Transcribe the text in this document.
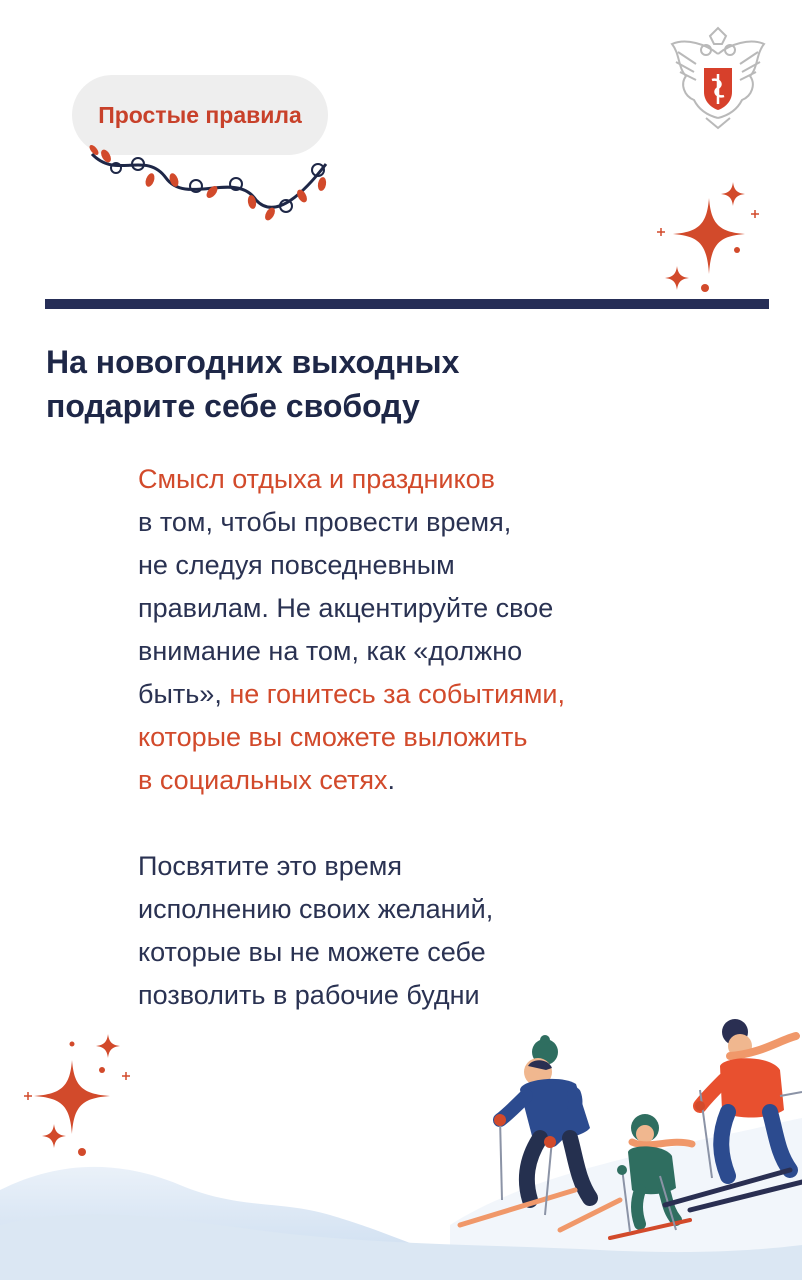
Простые правила
На новогодних выходных
подарите себе свободу
Смысл отдыха и праздников
в том, чтобы провести время,
не следуя повседневным
правилам. Не акцентируйте свое
внимание на том, как «должно
быть», не гонитесь за событиями,
которые вы сможете выложить
в социальных сетях.
Посвятите это время
исполнению своих желаний,
которые вы не можете себе
позволить в рабочие будни
